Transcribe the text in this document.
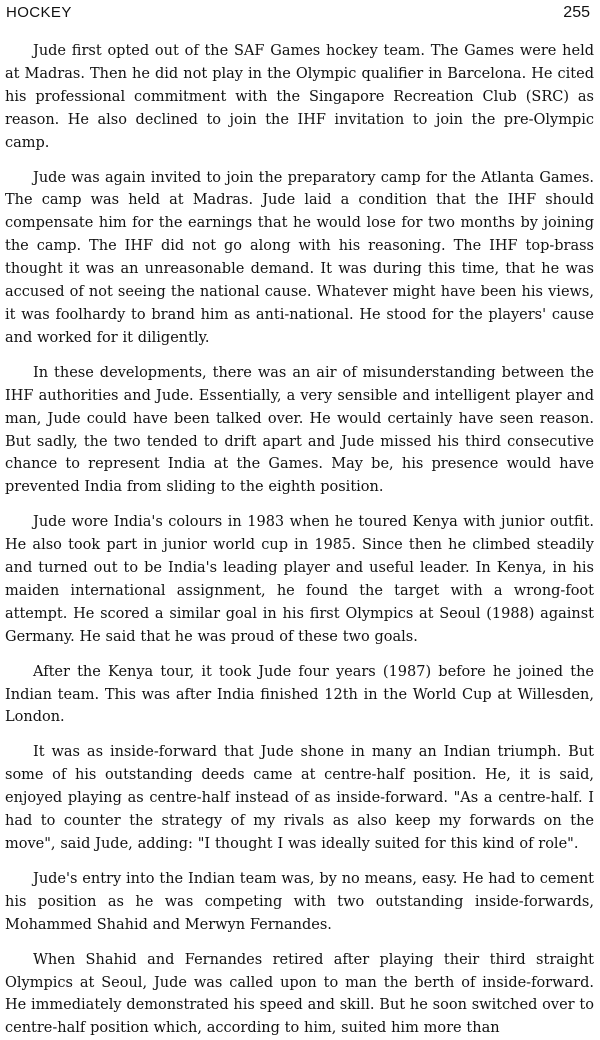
HOCKEY	255

Jude first opted out of the SAF Games hockey team. The Games were held at Madras. Then he did not play in the Olympic qualifier in Barcelona. He cited his professional commitment with the Singapore Recreation Club (SRC) as reason. He also declined to join the IHF invitation to join the pre-Olympic camp.

Jude was again invited to join the preparatory camp for the Atlanta Games. The camp was held at Madras. Jude laid a condition that the IHF should compensate him for the earnings that he would lose for two months by joining the camp. The IHF did not go along with his reasoning. The IHF top-brass thought it was an unreasonable demand. It was during this time, that he was accused of not seeing the national cause. Whatever might have been his views, it was foolhardy to brand him as anti-national. He stood for the players' cause and worked for it diligently.

In these developments, there was an air of misunderstanding between the IHF authorities and Jude. Essentially, a very sensible and intelligent player and man, Jude could have been talked over. He would certainly have seen reason. But sadly, the two tended to drift apart and Jude missed his third consecutive chance to represent India at the Games. May be, his presence would have prevented India from sliding to the eighth position.

Jude wore India's colours in 1983 when he toured Kenya with junior outfit. He also took part in junior world cup in 1985. Since then he climbed steadily and turned out to be India's leading player and useful leader. In Kenya, in his maiden international assignment, he found the target with a wrong-foot attempt. He scored a similar goal in his first Olympics at Seoul (1988) against Germany. He said that he was proud of these two goals.

After the Kenya tour, it took Jude four years (1987) before he joined the Indian team. This was after India finished 12th in the World Cup at Willesden, London.

It was as inside-forward that Jude shone in many an Indian triumph. But some of his outstanding deeds came at centre-half position. He, it is said, enjoyed playing as centre-half instead of as inside-forward. "As a centre-half. I had to counter the strategy of my rivals as also keep my forwards on the move", said Jude, adding: "I thought I was ideally suited for this kind of role".

Jude's entry into the Indian team was, by no means, easy. He had to cement his position as he was competing with two outstanding inside-forwards, Mohammed Shahid and Merwyn Fernandes.

When Shahid and Fernandes retired after playing their third straight Olympics at Seoul, Jude was called upon to man the berth of inside-forward. He immediately demonstrated his speed and skill. But he soon switched over to centre-half position which, according to him, suited him more than
